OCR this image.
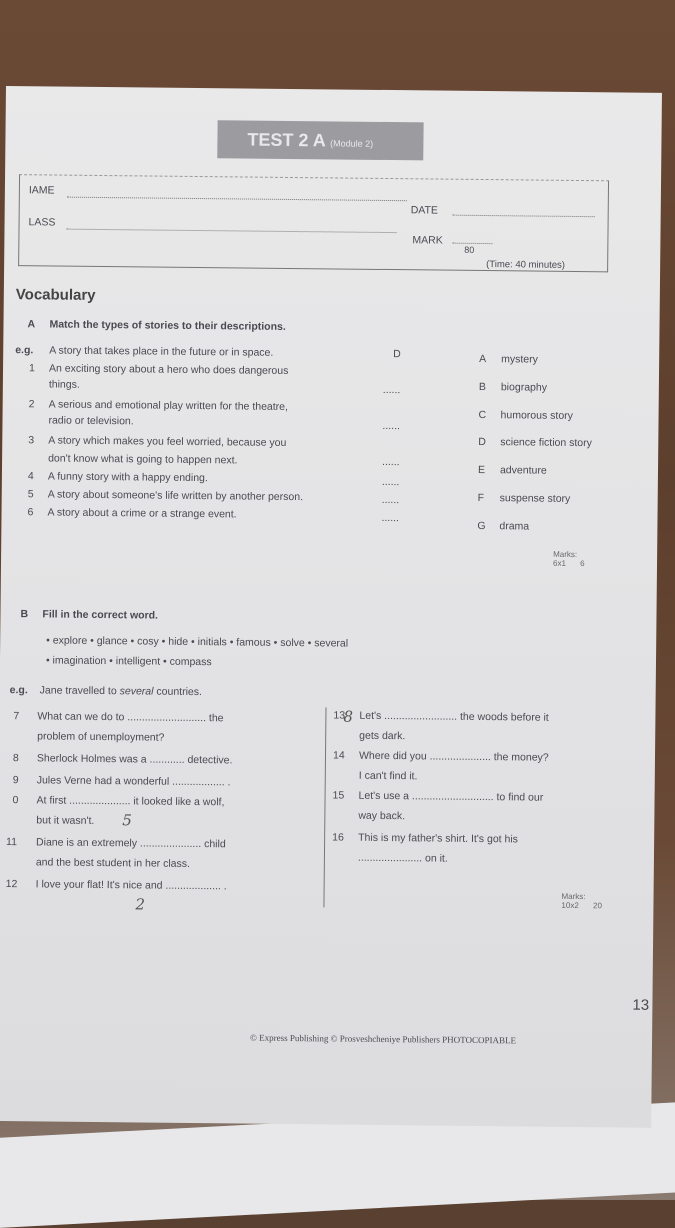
TEST 2 A (Module 2)
IAME
DATE
LASS
MARK
80
(Time: 40 minutes)
Vocabulary
A Match the types of stories to their descriptions.
e.g. A story that takes place in the future or in space.	D
1 An exciting story about a hero who does dangerous
things.	......
2 A serious and emotional play written for the theatre,
radio or television.	......
3 A story which makes you feel worried, because you
don't know what is going to happen next.	......
4 A funny story with a happy ending.	......
5 A story about someone's life written by another person.	......
6 A story about a crime or a strange event.	......
A mystery
B biography
C humorous story
D science fiction story
E adventure
F suspense story
G drama
Marks:
6x1 6
B Fill in the correct word.
• explore • glance • cosy • hide • initials • famous • solve • several
• imagination • intelligent • compass
e.g. Jane travelled to several countries.
7 What can we do to ........................... the
problem of unemployment?
8 Sherlock Holmes was a ............ detective.
9 Jules Verne had a wonderful .................. .
0 At first ..................... it looked like a wolf,
but it wasn't.
11 Diane is an extremely ..................... child
and the best student in her class.
12 I love your flat! It's nice and ................... .
13 Let's ......................... the woods before it
gets dark.
14 Where did you ..................... the money?
I can't find it.
15 Let's use a ............................ to find our
way back.
16 This is my father's shirt. It's got his
...................... on it.
Marks:
10x2 20
5
2
8
© Express Publishing © Prosveshcheniye Publishers PHOTOCOPIABLE
13
